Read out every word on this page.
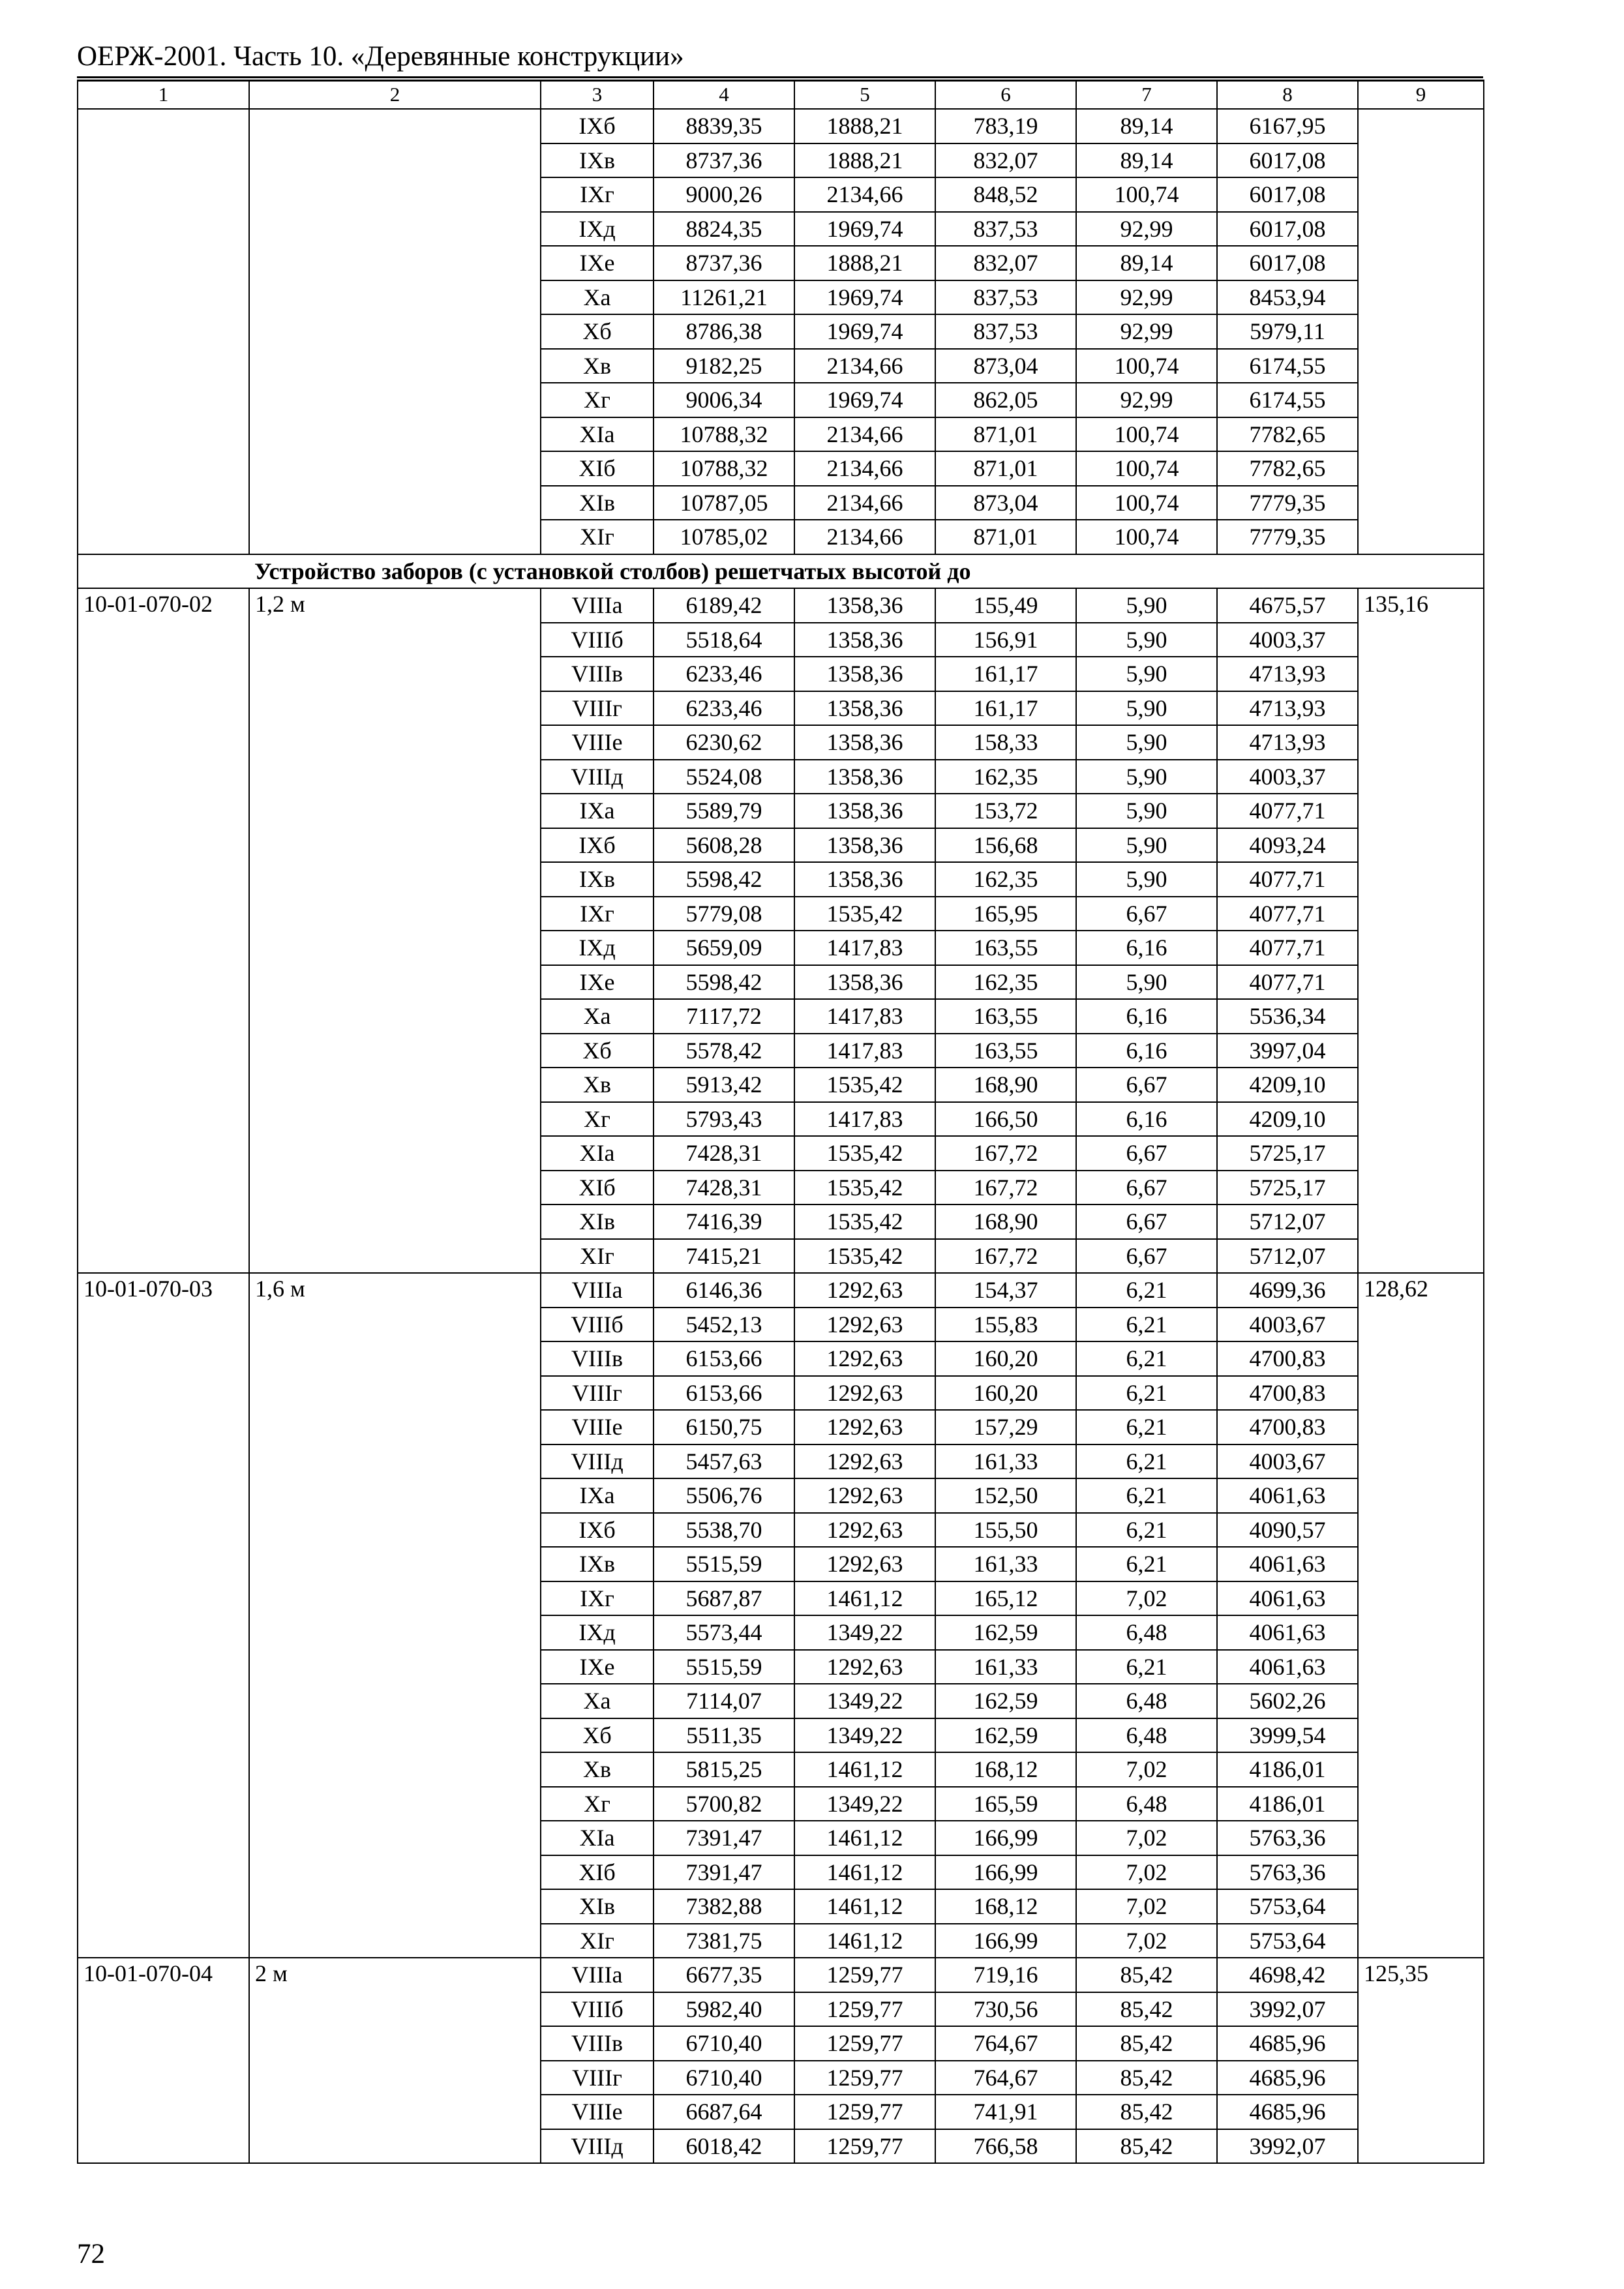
ОЕРЖ-2001. Часть 10. «Деревянные конструкции»
1	2	3	4	5	6	7	8	9
		IXб	8839,35	1888,21	783,19	89,14	6167,95	
		IXв	8737,36	1888,21	832,07	89,14	6017,08	
		IXг	9000,26	2134,66	848,52	100,74	6017,08	
		IXд	8824,35	1969,74	837,53	92,99	6017,08	
		IXе	8737,36	1888,21	832,07	89,14	6017,08	
		Xа	11261,21	1969,74	837,53	92,99	8453,94	
		Xб	8786,38	1969,74	837,53	92,99	5979,11	
		Xв	9182,25	2134,66	873,04	100,74	6174,55	
		Xг	9006,34	1969,74	862,05	92,99	6174,55	
		XIа	10788,32	2134,66	871,01	100,74	7782,65	
		XIб	10788,32	2134,66	871,01	100,74	7782,65	
		XIв	10787,05	2134,66	873,04	100,74	7779,35	
		XIг	10785,02	2134,66	871,01	100,74	7779,35	
Устройство заборов (с установкой столбов) решетчатых высотой до								
10-01-070-02	1,2 м	VIIIа	6189,42	1358,36	155,49	5,90	4675,57	135,16
		VIIIб	5518,64	1358,36	156,91	5,90	4003,37	
		VIIIв	6233,46	1358,36	161,17	5,90	4713,93	
		VIIIг	6233,46	1358,36	161,17	5,90	4713,93	
		VIIIе	6230,62	1358,36	158,33	5,90	4713,93	
		VIIIд	5524,08	1358,36	162,35	5,90	4003,37	
		IXа	5589,79	1358,36	153,72	5,90	4077,71	
		IXб	5608,28	1358,36	156,68	5,90	4093,24	
		IXв	5598,42	1358,36	162,35	5,90	4077,71	
		IXг	5779,08	1535,42	165,95	6,67	4077,71	
		IXд	5659,09	1417,83	163,55	6,16	4077,71	
		IXе	5598,42	1358,36	162,35	5,90	4077,71	
		Xа	7117,72	1417,83	163,55	6,16	5536,34	
		Xб	5578,42	1417,83	163,55	6,16	3997,04	
		Xв	5913,42	1535,42	168,90	6,67	4209,10	
		Xг	5793,43	1417,83	166,50	6,16	4209,10	
		XIа	7428,31	1535,42	167,72	6,67	5725,17	
		XIб	7428,31	1535,42	167,72	6,67	5725,17	
		XIв	7416,39	1535,42	168,90	6,67	5712,07	
		XIг	7415,21	1535,42	167,72	6,67	5712,07	
10-01-070-03	1,6 м	VIIIа	6146,36	1292,63	154,37	6,21	4699,36	128,62
		VIIIб	5452,13	1292,63	155,83	6,21	4003,67	
		VIIIв	6153,66	1292,63	160,20	6,21	4700,83	
		VIIIг	6153,66	1292,63	160,20	6,21	4700,83	
		VIIIе	6150,75	1292,63	157,29	6,21	4700,83	
		VIIIд	5457,63	1292,63	161,33	6,21	4003,67	
		IXа	5506,76	1292,63	152,50	6,21	4061,63	
		IXб	5538,70	1292,63	155,50	6,21	4090,57	
		IXв	5515,59	1292,63	161,33	6,21	4061,63	
		IXг	5687,87	1461,12	165,12	7,02	4061,63	
		IXд	5573,44	1349,22	162,59	6,48	4061,63	
		IXе	5515,59	1292,63	161,33	6,21	4061,63	
		Xа	7114,07	1349,22	162,59	6,48	5602,26	
		Xб	5511,35	1349,22	162,59	6,48	3999,54	
		Xв	5815,25	1461,12	168,12	7,02	4186,01	
		Xг	5700,82	1349,22	165,59	6,48	4186,01	
		XIа	7391,47	1461,12	166,99	7,02	5763,36	
		XIб	7391,47	1461,12	166,99	7,02	5763,36	
		XIв	7382,88	1461,12	168,12	7,02	5753,64	
		XIг	7381,75	1461,12	166,99	7,02	5753,64	
10-01-070-04	2 м	VIIIа	6677,35	1259,77	719,16	85,42	4698,42	125,35
		VIIIб	5982,40	1259,77	730,56	85,42	3992,07	
		VIIIв	6710,40	1259,77	764,67	85,42	4685,96	
		VIIIг	6710,40	1259,77	764,67	85,42	4685,96	
		VIIIе	6687,64	1259,77	741,91	85,42	4685,96	
		VIIIд	6018,42	1259,77	766,58	85,42	3992,07	
72
